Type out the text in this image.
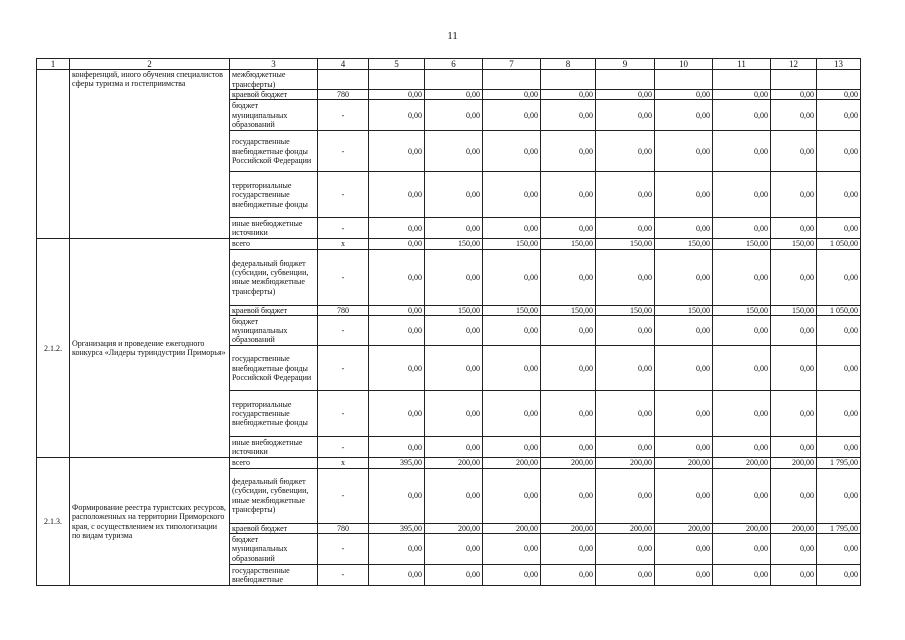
11
1	2	3	4	5	6	7	8	9	10	11	12	13
	конференций, иного обучения специалистов сферы туризма и гостеприимства	межбюджетные трансферты)										
		краевой бюджет	780	0,00	0,00	0,00	0,00	0,00	0,00	0,00	0,00	0,00
		бюджет муниципальных образований	-	0,00	0,00	0,00	0,00	0,00	0,00	0,00	0,00	0,00
		государственные внебюджетные фонды Российской Федерации	-	0,00	0,00	0,00	0,00	0,00	0,00	0,00	0,00	0,00
		территориальные государственные внебюджетные фонды	-	0,00	0,00	0,00	0,00	0,00	0,00	0,00	0,00	0,00
		иные внебюджетные источники	-	0,00	0,00	0,00	0,00	0,00	0,00	0,00	0,00	0,00
2.1.2.	Организация и проведение ежегодного конкурса «Лидеры туриндустрии Приморья»	всего	x	0,00	150,00	150,00	150,00	150,00	150,00	150,00	150,00	1 050,00
		федеральный бюджет (субсидии, субвенции, иные межбюджетные трансферты)	-	0,00	0,00	0,00	0,00	0,00	0,00	0,00	0,00	0,00
		краевой бюджет	780	0,00	150,00	150,00	150,00	150,00	150,00	150,00	150,00	1 050,00
		бюджет муниципальных образований	-	0,00	0,00	0,00	0,00	0,00	0,00	0,00	0,00	0,00
		государственные внебюджетные фонды Российской Федерации	-	0,00	0,00	0,00	0,00	0,00	0,00	0,00	0,00	0,00
		территориальные государственные внебюджетные фонды	-	0,00	0,00	0,00	0,00	0,00	0,00	0,00	0,00	0,00
		иные внебюджетные источники	-	0,00	0,00	0,00	0,00	0,00	0,00	0,00	0,00	0,00
2.1.3.	Формирование реестра туристских ресурсов, расположенных на территории Приморского края, с осуществлением их типологизации по видам туризма	всего	x	395,00	200,00	200,00	200,00	200,00	200,00	200,00	200,00	1 795,00
		федеральный бюджет (субсидии, субвенции, иные межбюджетные трансферты)	-	0,00	0,00	0,00	0,00	0,00	0,00	0,00	0,00	0,00
		краевой бюджет	780	395,00	200,00	200,00	200,00	200,00	200,00	200,00	200,00	1 795,00
		бюджет муниципальных образований	-	0,00	0,00	0,00	0,00	0,00	0,00	0,00	0,00	0,00
		государственные внебюджетные	-	0,00	0,00	0,00	0,00	0,00	0,00	0,00	0,00	0,00
